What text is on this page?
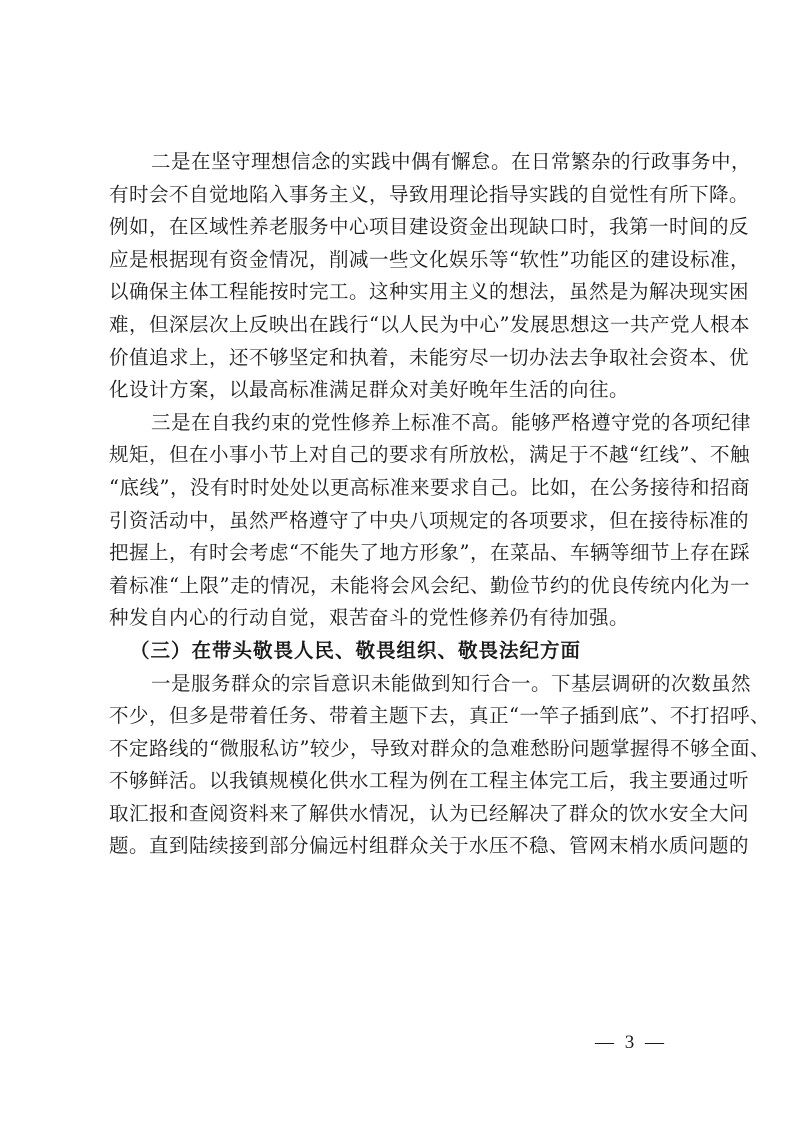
二是在坚守理想信念的实践中偶有懈怠。在日常繁杂的行政事务中，
有时会不自觉地陷入事务主义，导致用理论指导实践的自觉性有所下降。
例如，在区域性养老服务中心项目建设资金出现缺口时，我第一时间的反
应是根据现有资金情况，削减一些文化娱乐等“软性”功能区的建设标准，
以确保主体工程能按时完工。这种实用主义的想法，虽然是为解决现实困
难，但深层次上反映出在践行“以人民为中心”发展思想这一共产党人根本
价值追求上，还不够坚定和执着，未能穷尽一切办法去争取社会资本、优
化设计方案，以最高标准满足群众对美好晚年生活的向往。
三是在自我约束的党性修养上标准不高。能够严格遵守党的各项纪律
规矩，但在小事小节上对自己的要求有所放松，满足于不越“红线”、不触
“底线”，没有时时处处以更高标准来要求自己。比如，在公务接待和招商
引资活动中，虽然严格遵守了中央八项规定的各项要求，但在接待标准的
把握上，有时会考虑“不能失了地方形象”，在菜品、车辆等细节上存在踩
着标准“上限”走的情况，未能将会风会纪、勤俭节约的优良传统内化为一
种发自内心的行动自觉，艰苦奋斗的党性修养仍有待加强。
（三）在带头敬畏人民、敬畏组织、敬畏法纪方面
一是服务群众的宗旨意识未能做到知行合一。下基层调研的次数虽然
不少，但多是带着任务、带着主题下去，真正“一竿子插到底”、不打招呼、
不定路线的“微服私访”较少，导致对群众的急难愁盼问题掌握得不够全面、
不够鲜活。以我镇规模化供水工程为例在工程主体完工后，我主要通过听
取汇报和查阅资料来了解供水情况，认为已经解决了群众的饮水安全大问
题。直到陆续接到部分偏远村组群众关于水压不稳、管网末梢水质问题的
— 3 —
